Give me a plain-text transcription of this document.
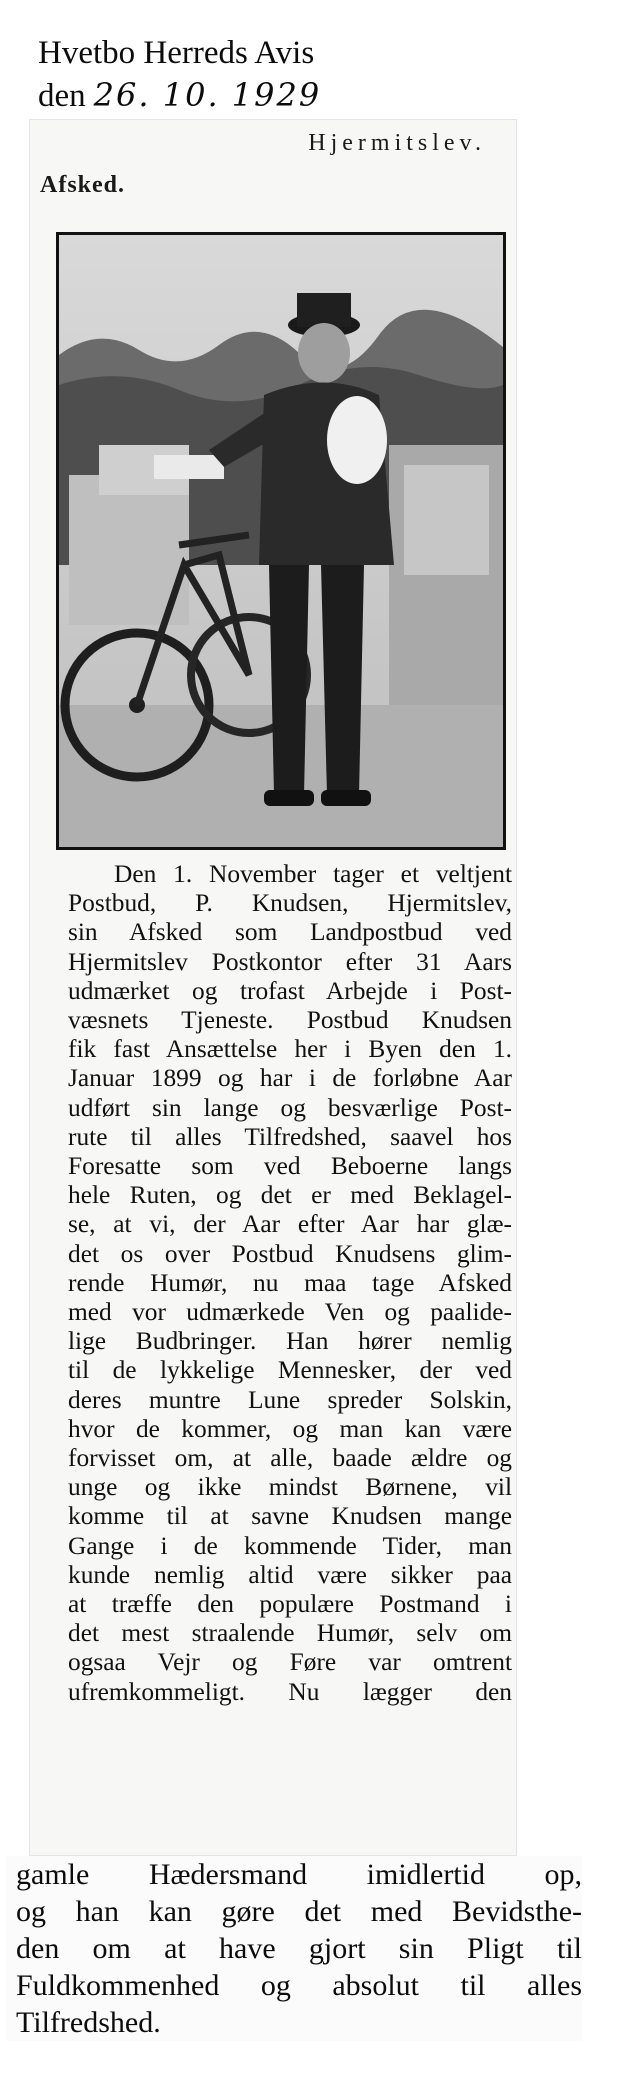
Hvetbo Herreds Avis
den 26. 10. 1929
Hjermitslev.
Afsked.

Den 1. November tager et veltjent

Postbud, P. Knudsen, Hjermitslev,

sin Afsked som Landpostbud ved

Hjermitslev Postkontor efter 31 Aars

udmærket og trofast Arbejde i Post-

væsnets Tjeneste. Postbud Knudsen

fik fast Ansættelse her i Byen den 1.

Januar 1899 og har i de forløbne Aar

udført sin lange og besværlige Post-

rute til alles Tilfredshed, saavel hos

Foresatte som ved Beboerne langs

hele Ruten, og det er med Beklagel-

se, at vi, der Aar efter Aar har glæ-

det os over Postbud Knudsens glim-

rende Humør, nu maa tage Afsked

med vor udmærkede Ven og paalide-

lige Budbringer. Han hører nemlig

til de lykkelige Mennesker, der ved

deres muntre Lune spreder Solskin,

hvor de kommer, og man kan være

forvisset om, at alle, baade ældre og

unge og ikke mindst Børnene, vil

komme til at savne Knudsen mange

Gange i de kommende Tider, man

kunde nemlig altid være sikker paa

at træffe den populære Postmand i

det mest straalende Humør, selv om

ogsaa Vejr og Føre var omtrent

ufremkommeligt. Nu lægger den

gamle Hædersmand imidlertid op,

og han kan gøre det med Bevidsthe-

den om at have gjort sin Pligt til

Fuldkommenhed og absolut til alles

Tilfredshed.
